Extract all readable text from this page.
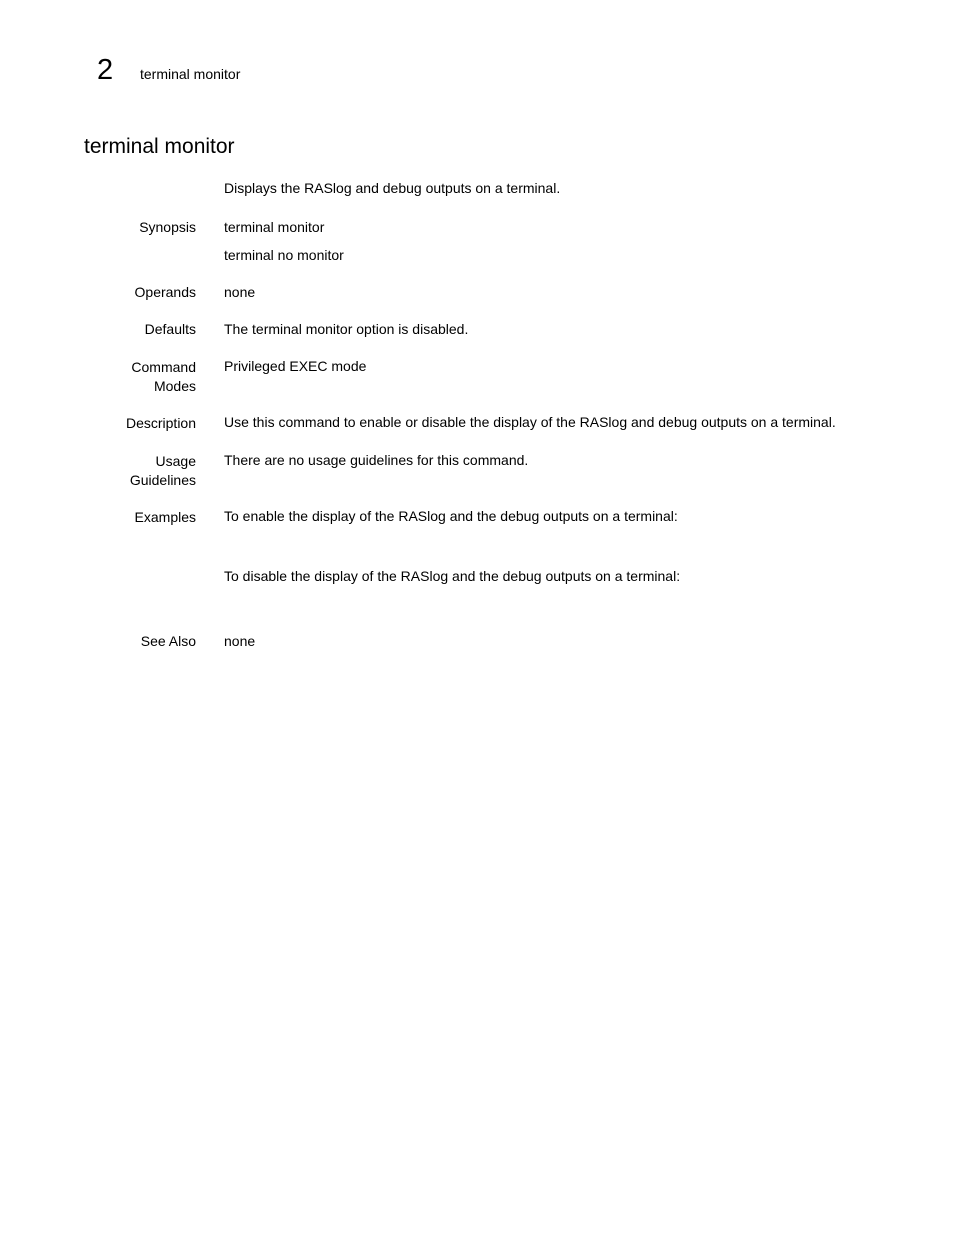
2 terminal monitor
terminal monitor
Displays the RASlog and debug outputs on a terminal.
Synopsis terminal monitor
terminal no monitor
Operands none
Defaults The terminal monitor option is disabled.
Command
Modes
Privileged EXEC mode
Description Use this command to enable or disable the display of the RASlog and debug outputs on a terminal.
Usage
Guidelines
There are no usage guidelines for this command.
Examples To enable the display of the RASlog and the debug outputs on a terminal:
To disable the display of the RASlog and the debug outputs on a terminal:
See Also none
